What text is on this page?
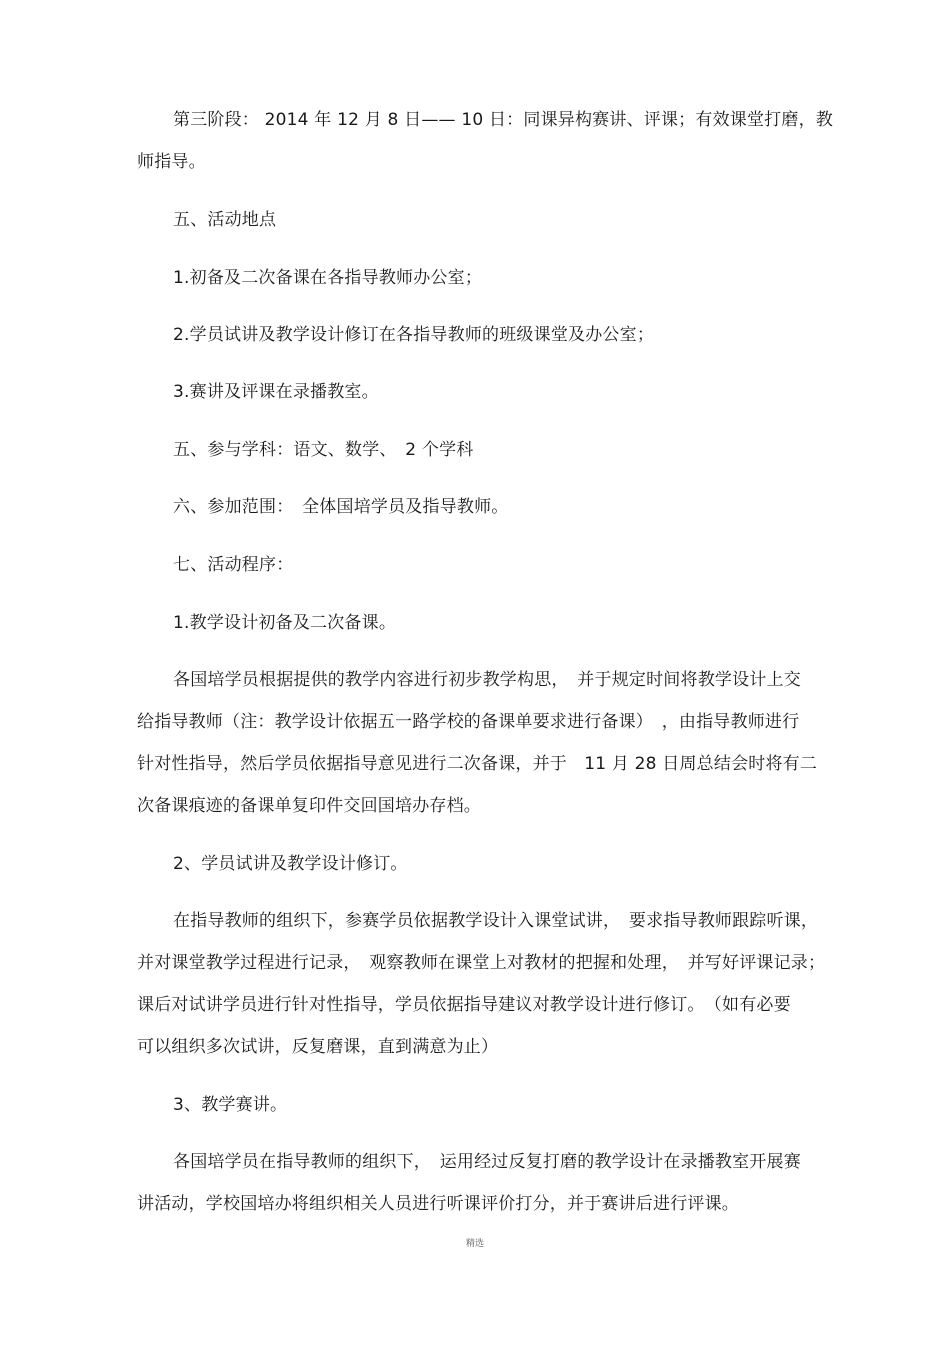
第三阶段： 2014 年 12 月 8 日—— 10 日：同课异构赛讲、评课；有效课堂打磨，教
师指导。
五、活动地点
1.初备及二次备课在各指导教师办公室；
2.学员试讲及教学设计修订在各指导教师的班级课堂及办公室；
3.赛讲及评课在录播教室。
五、参与学科：语文、数学、　2 个学科
六、参加范围：　全体国培学员及指导教师。
七、活动程序：
1.教学设计初备及二次备课。
各国培学员根据提供的教学内容进行初步教学构思，　并于规定时间将教学设计上交
给指导教师（注：教学设计依据五一路学校的备课单要求进行备课）　，由指导教师进行
针对性指导，然后学员依据指导意见进行二次备课，并于　11 月 28 日周总结会时将有二
次备课痕迹的备课单复印件交回国培办存档。
2、学员试讲及教学设计修订。
在指导教师的组织下，参赛学员依据教学设计入课堂试讲，　要求指导教师跟踪听课，
并对课堂教学过程进行记录，　观察教师在课堂上对教材的把握和处理，　并写好评课记录；
课后对试讲学员进行针对性指导，学员依据指导建议对教学设计进行修订。　（如有必要
可以组织多次试讲，反复磨课，直到满意为止）
3、教学赛讲。
各国培学员在指导教师的组织下，　运用经过反复打磨的教学设计在录播教室开展赛
讲活动，学校国培办将组织相关人员进行听课评价打分，并于赛讲后进行评课。
精选
